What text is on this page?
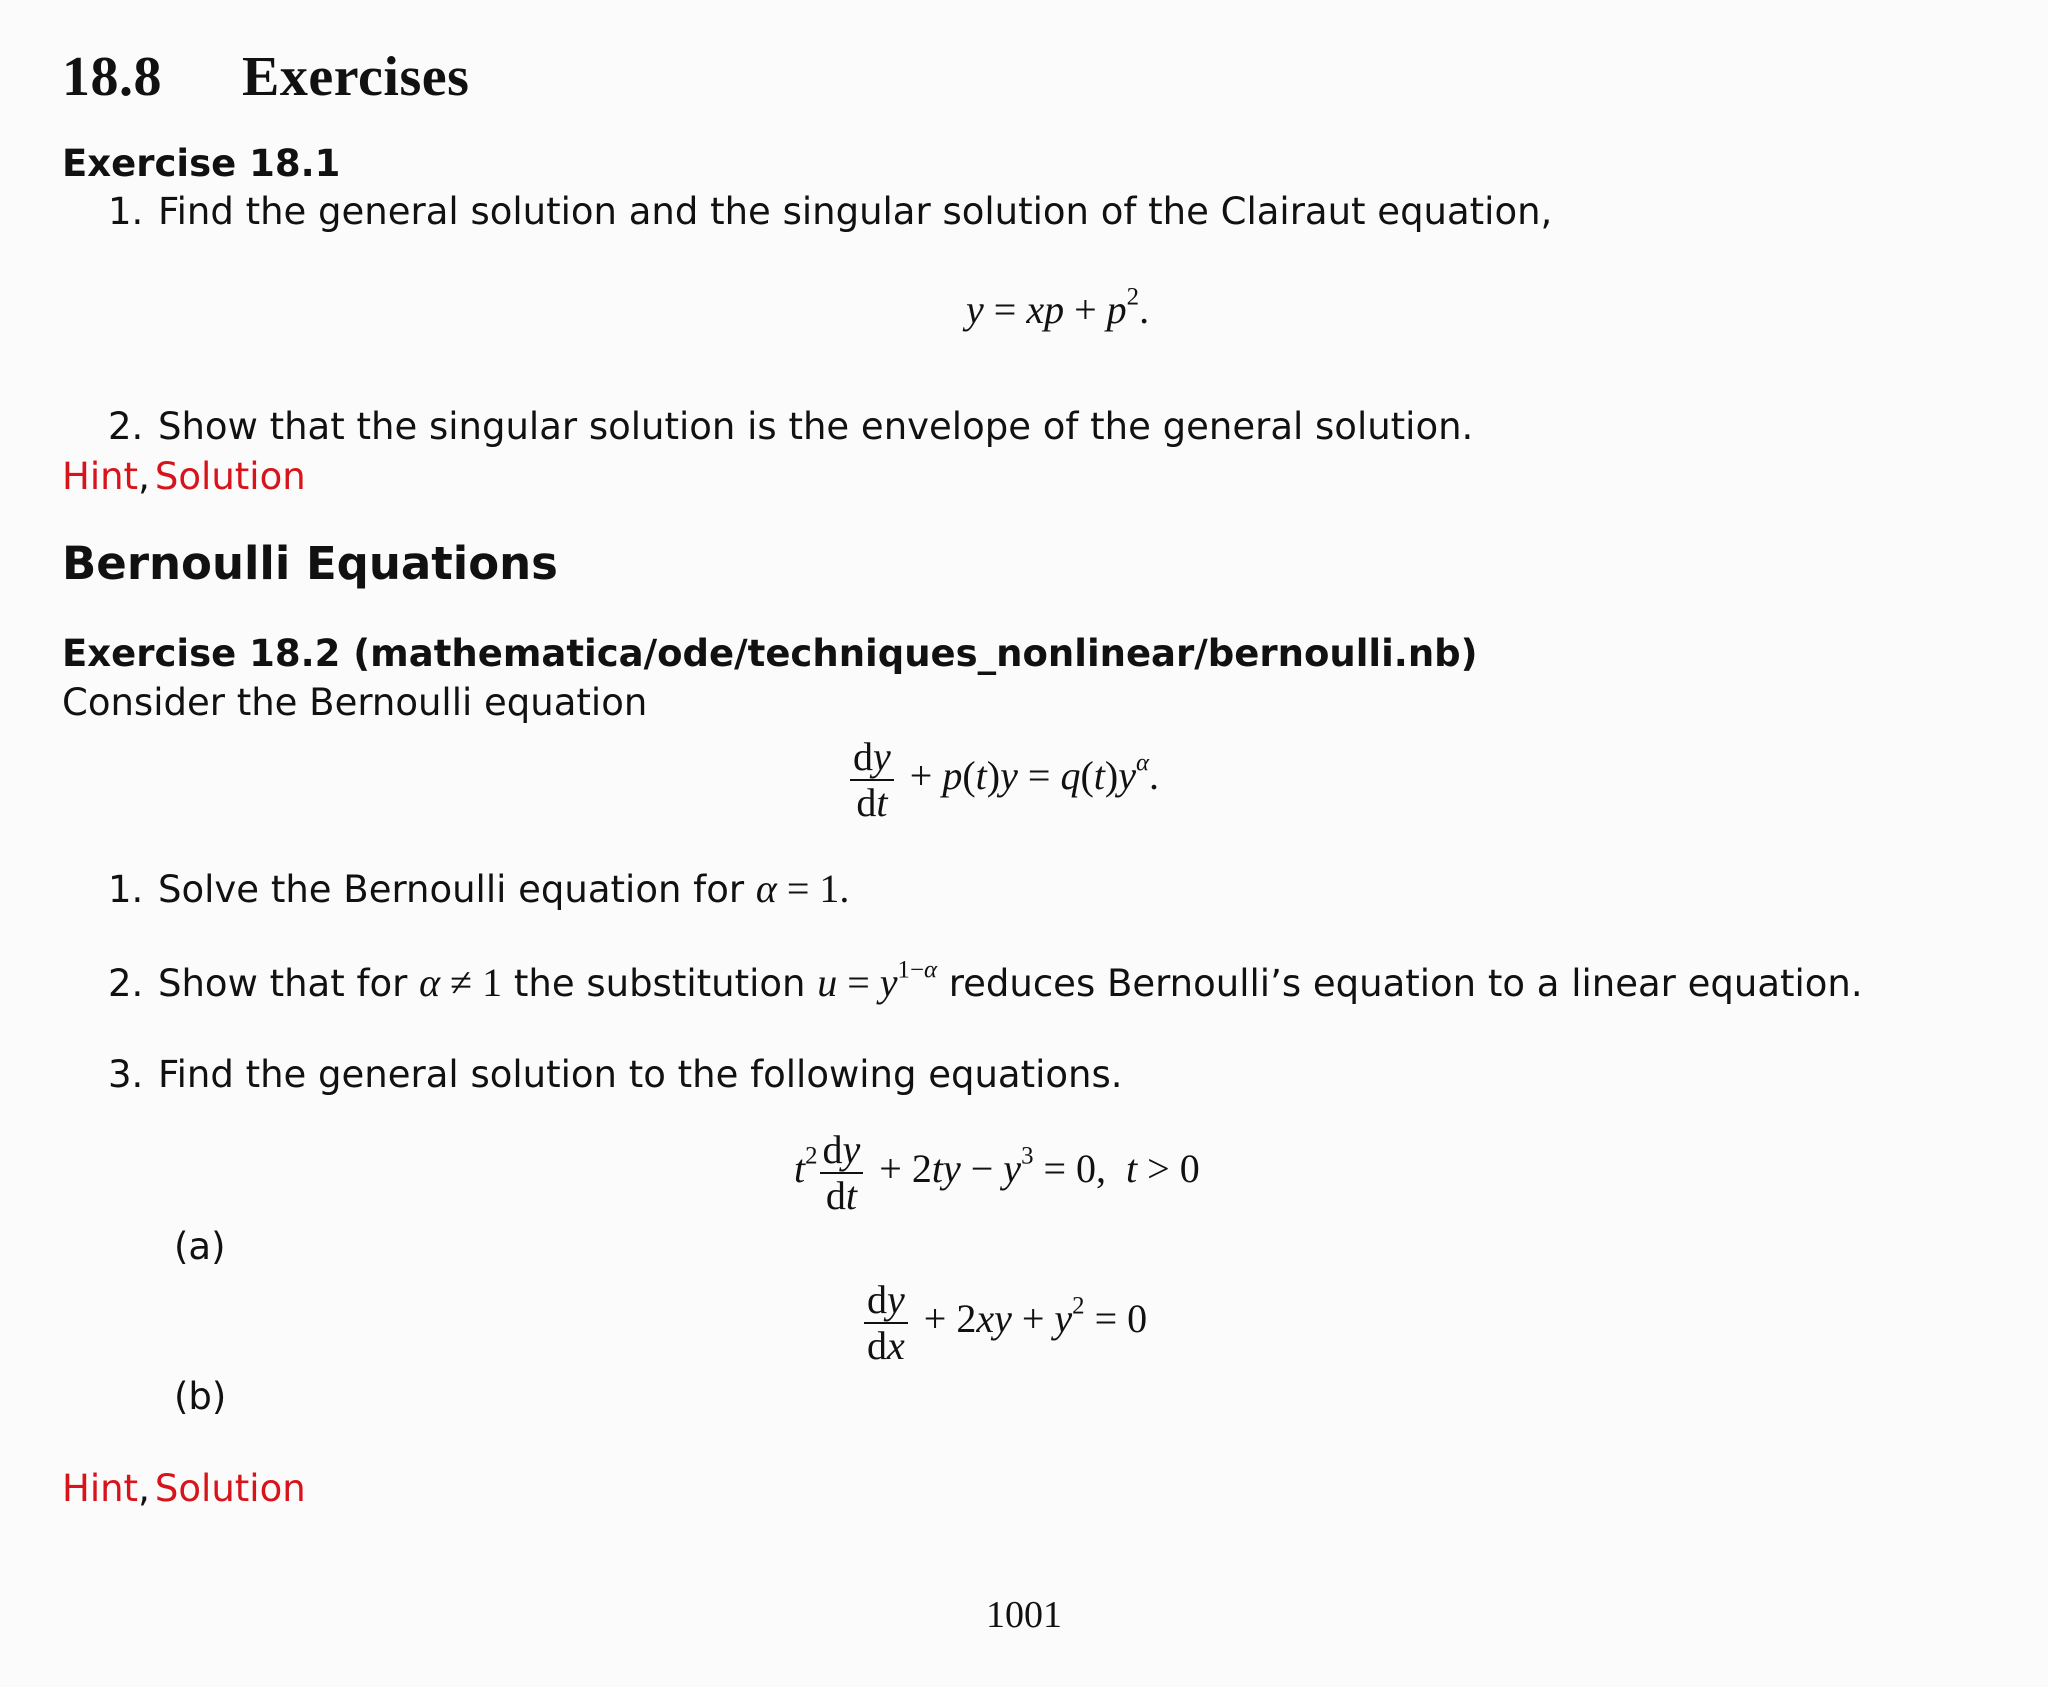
18.8 Exercises
Exercise 18.1
1. Find the general solution and the singular solution of the Clairaut equation,
y = xp + $p^2$.
2. Show that the singular solution is the envelope of the general solution.
Hint, Solution
Bernoulli Equations
Exercise 18.2 (mathematica/ode/techniques_nonlinear/bernoulli.nb)
Consider the Bernoulli equation
$\frac{dy}{dt} + p(t)y = q(t)y^\alpha$.
1. Solve the Bernoulli equation for α = 1.
2. Show that for α ≠ 1 the substitution $u = y^{1-\alpha}$ reduces Bernoulli’s equation to a linear equation.
3. Find the general solution to the following equations.
$t^2 \frac{dy}{dt} + 2ty - y^3 = 0$,  t > 0
(a)
$\frac{dy}{dx} + 2xy + y^2 = 0$
(b)
Hint, Solution
1001
